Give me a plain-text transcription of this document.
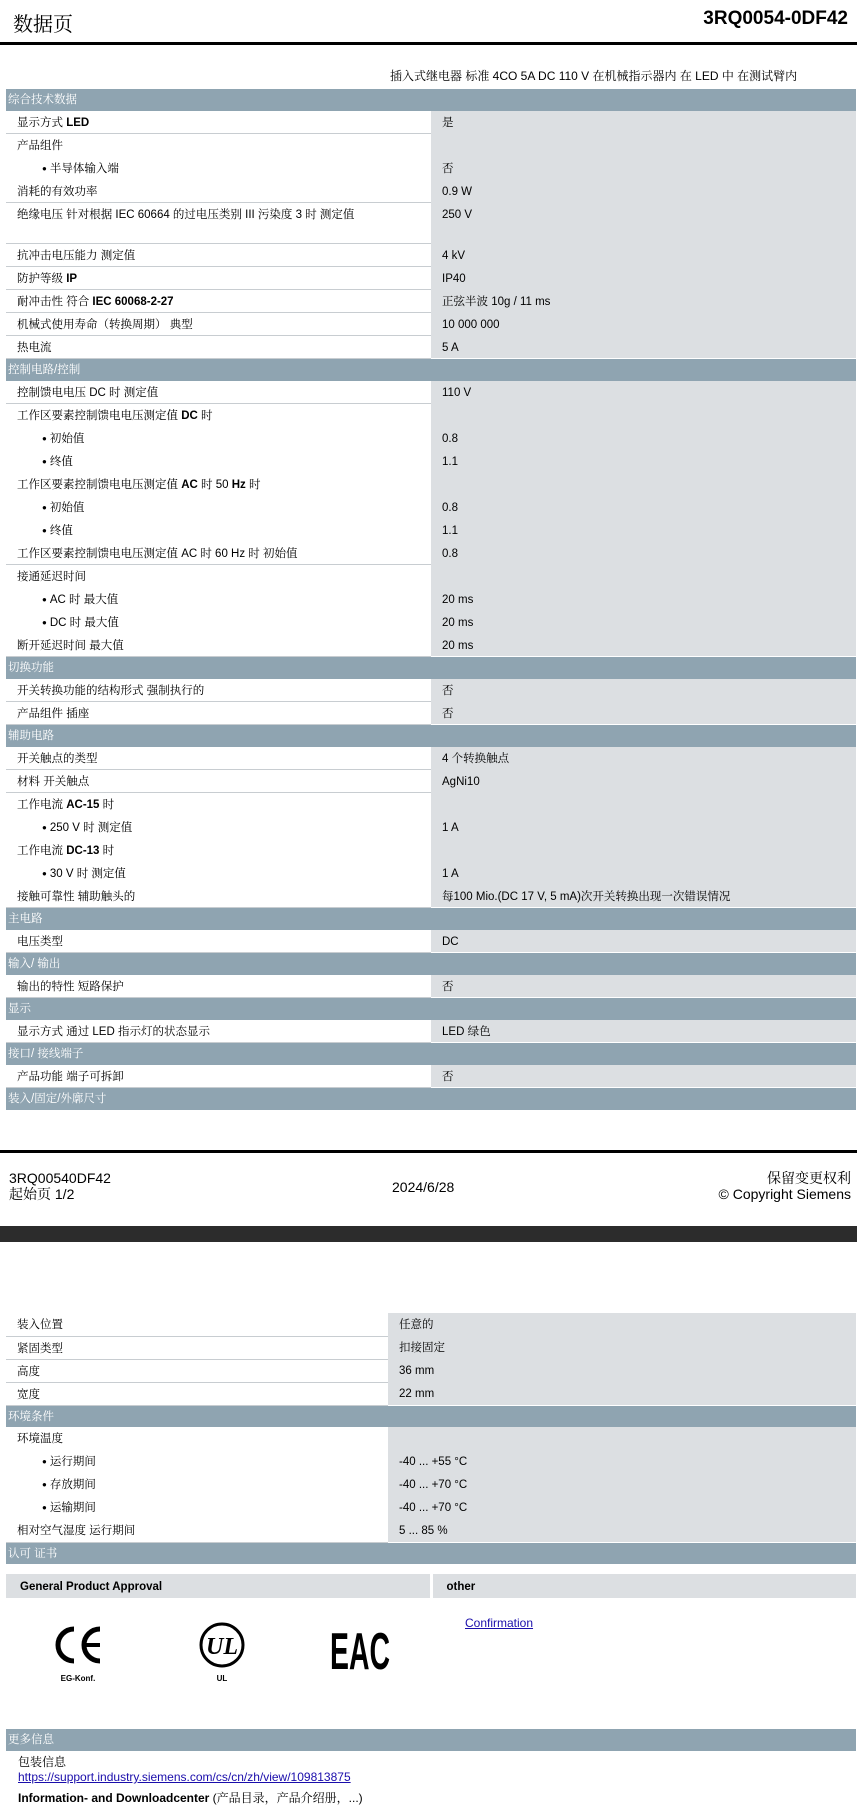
数据页	3RQ0054-0DF42
插入式继电器 标准 4CO 5A DC 110 V 在机械指示器内 在 LED 中 在测试臂内
综合技术数据	
显示方式 LED	是
产品组件	
● 半导体输入端	否
消耗的有效功率	0.9 W
绝缘电压 针对根据 IEC 60664 的过电压类别 III 污染度 3 时 测定值	250 V
抗冲击电压能力 测定值	4 kV
防护等级 IP	IP40
耐冲击性 符合 IEC 60068-2-27	正弦半波 10g / 11 ms
机械式使用寿命（转换周期） 典型	10 000 000
热电流	5 A
控制电路/控制	
控制馈电电压 DC 时 测定值	110 V
工作区要素控制馈电电压测定值 DC 时	
● 初始值	0.8
● 终值	1.1
工作区要素控制馈电电压测定值 AC 时 50 Hz 时	
● 初始值	0.8
● 终值	1.1
工作区要素控制馈电电压测定值 AC 时 60 Hz 时 初始值	0.8
接通延迟时间	
● AC 时 最大值	20 ms
● DC 时 最大值	20 ms
断开延迟时间 最大值	20 ms
切换功能	
开关转换功能的结构形式 强制执行的	否
产品组件 插座	否
辅助电路	
开关触点的类型	4 个转换触点
材料 开关触点	AgNi10
工作电流 AC-15 时	
● 250 V 时 测定值	1 A
工作电流 DC-13 时	
● 30 V 时 测定值	1 A
接触可靠性 辅助触头的	每100 Mio.(DC 17 V, 5 mA)次开关转换出现一次错误情况
主电路	
电压类型	DC
输入/ 输出	
输出的特性 短路保护	否
显示	
显示方式 通过 LED 指示灯的状态显示	LED 绿色
接口/ 接线端子	
产品功能 端子可拆卸	否
装入/固定/外廓尺寸	
3RQ00540DF42
起始页 1/2	2024/6/28
保留变更权利
© Copyright Siemens
装入位置	任意的
紧固类型	扣接固定
高度	36 mm
宽度	22 mm
环境条件	
环境温度	
● 运行期间	-40 ... +55 °C
● 存放期间	-40 ... +70 °C
● 运输期间	-40 ... +70 °C
相对空气湿度 运行期间	5 ... 85 %
认可 证书	
General Product Approval	other
EG-Konf.
UL
UL EAC	Confirmation
更多信息
包装信息
https://support.industry.siemens.com/cs/cn/zh/view/109813875
Information- and Downloadcenter (产品目录，产品介绍册，...)
